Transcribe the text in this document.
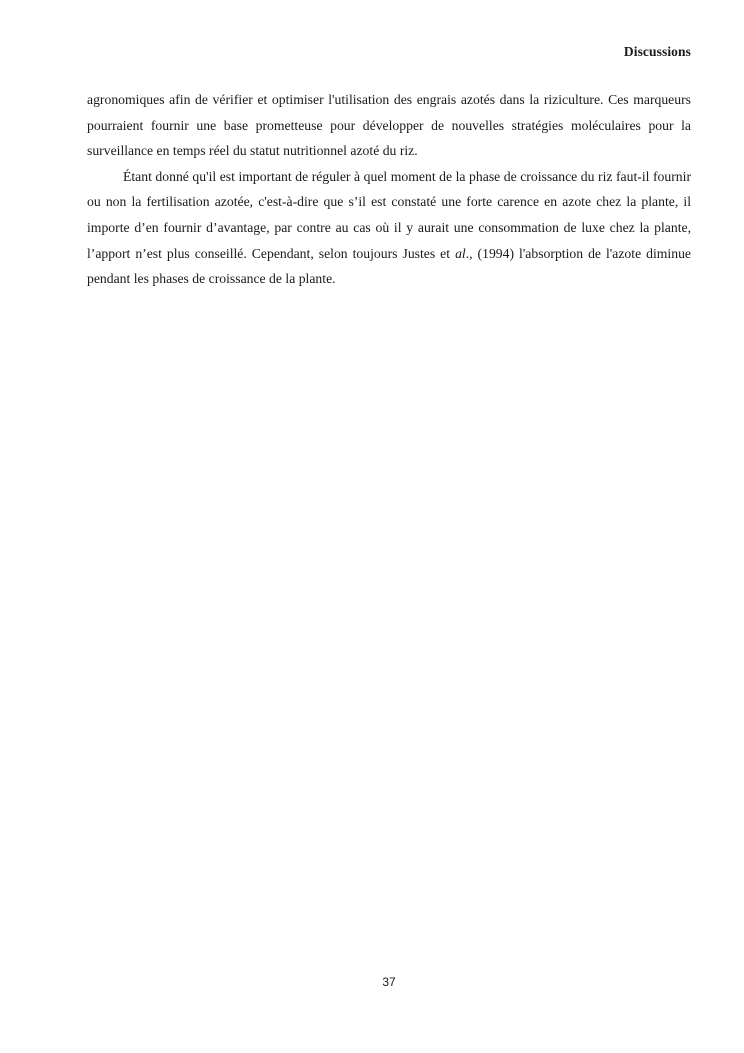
Discussions

agronomiques afin de vérifier et optimiser l'utilisation des engrais azotés dans la riziculture. Ces marqueurs pourraient fournir une base prometteuse pour développer de nouvelles stratégies moléculaires pour la surveillance en temps réel du statut nutritionnel azoté du riz.

Étant donné qu'il est important de réguler à quel moment de la phase de croissance du riz faut-il fournir ou non la fertilisation azotée, c'est-à-dire que s’il est constaté une forte carence en azote chez la plante, il importe d’en fournir d’avantage, par contre au cas où il y aurait une consommation de luxe chez la plante, l’apport n’est plus conseillé. Cependant, selon toujours Justes et al., (1994) l'absorption de l'azote diminue pendant les phases de croissance de la plante.

37
